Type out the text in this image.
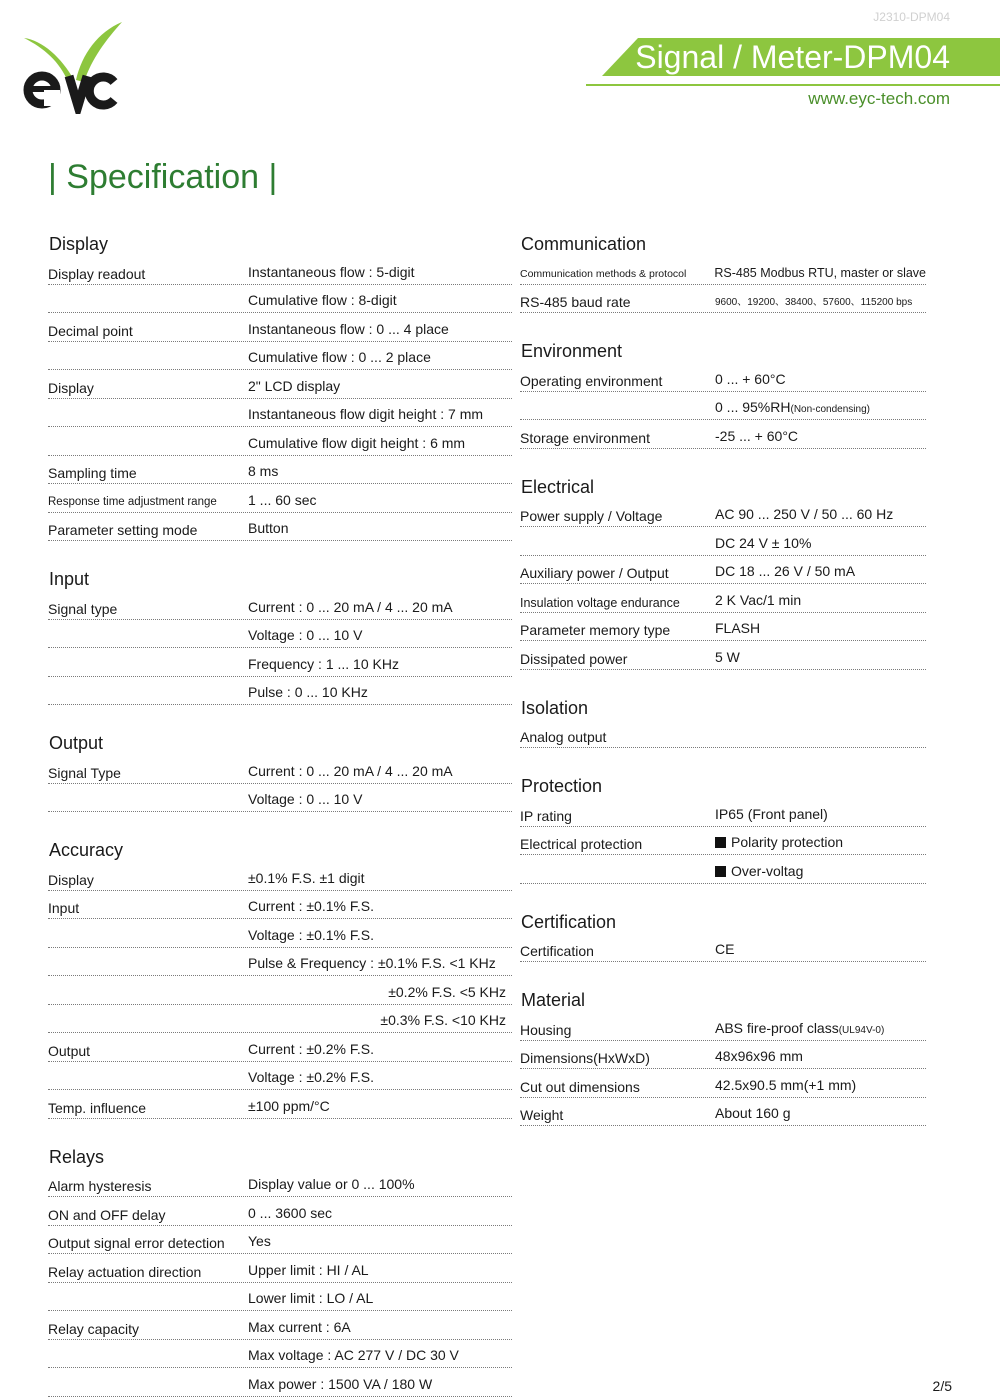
J2310-DPM04
Signal / Meter-DPM04
www.eyc-tech.com
| Specification |
Display
Display readout	Instantaneous flow : 5-digit
Cumulative flow : 8-digit
Decimal point	Instantaneous flow : 0 ... 4 place
Cumulative flow : 0 ... 2 place
Display	2" LCD display
Instantaneous flow digit height : 7 mm
Cumulative flow digit height : 6 mm
Sampling time	8 ms
Response time adjustment range	1 ... 60 sec
Parameter setting mode	Button
Input
Signal type	Current : 0 ... 20 mA / 4 ... 20 mA
Voltage : 0 ... 10 V
Frequency : 1 ... 10 KHz
Pulse : 0 ... 10 KHz
Output
Signal Type	Current : 0 ... 20 mA / 4 ... 20 mA
Voltage : 0 ... 10 V
Accuracy
Display	±0.1% F.S. ±1 digit
Input	Current : ±0.1% F.S.
Voltage : ±0.1% F.S.
Pulse & Frequency : ±0.1% F.S. <1 KHz
±0.2% F.S. <5 KHz
±0.3% F.S. <10 KHz
Output	Current : ±0.2% F.S.
Voltage : ±0.2% F.S.
Temp. influence	±100 ppm/°C
Relays
Alarm hysteresis	Display value or 0 ... 100%
ON and OFF delay	0 ... 3600 sec
Output signal error detection	Yes
Relay actuation direction	Upper limit : HI / AL
Lower limit : LO / AL
Relay capacity	Max current : 6A
Max voltage : AC 277 V / DC 30 V
Max power : 1500 VA / 180 W
Communication
Communication methods & protocol	RS-485 Modbus RTU, master or slave
RS-485 baud rate	9600、19200、38400、57600、115200 bps
Environment
Operating environment	0 ... + 60°C
0 ... 95%RH(Non-condensing)
Storage environment	-25 ... + 60°C
Electrical
Power supply / Voltage	AC 90 ... 250 V / 50 ... 60 Hz
DC 24 V ± 10%
Auxiliary power / Output	DC 18 ... 26 V / 50 mA
Insulation voltage endurance	2 K Vac/1 min
Parameter memory type	FLASH
Dissipated power	5 W
Isolation
Analog output
Protection
IP rating	IP65 (Front panel)
Electrical protection	Polarity protection
Over-voltag
Certification
Certification	CE
Material
Housing	ABS fire-proof class(UL94V-0)
Dimensions(HxWxD)	48x96x96 mm
Cut out dimensions	42.5x90.5 mm(+1 mm)
Weight	About 160 g
2/5
